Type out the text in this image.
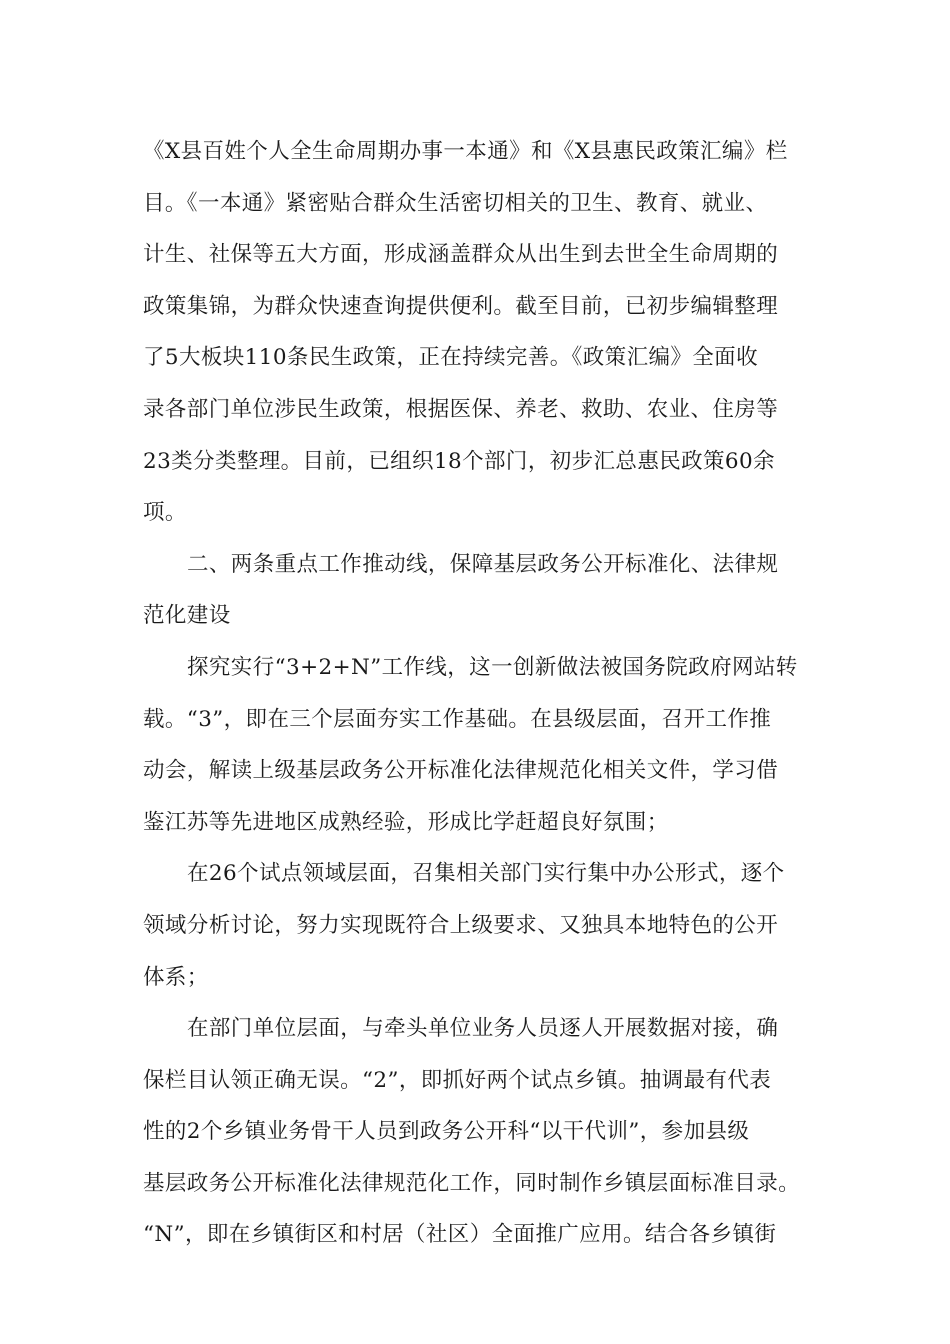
《X县百姓个人全生命周期办事一本通》和《X县惠民政策汇编》栏
目。《一本通》紧密贴合群众生活密切相关的卫生、教育、就业、
计生、社保等五大方面，形成涵盖群众从出生到去世全生命周期的
政策集锦，为群众快速查询提供便利。截至目前，已初步编辑整理
了5大板块110条民生政策，正在持续完善。《政策汇编》全面收
录各部门单位涉民生政策，根据医保、养老、救助、农业、住房等
23类分类整理。目前，已组织18个部门，初步汇总惠民政策60余
项。
二、两条重点工作推动线，保障基层政务公开标准化、法律规
范化建设
探究实行“3+2+N”工作线，这一创新做法被国务院政府网站转
载。“3”，即在三个层面夯实工作基础。在县级层面，召开工作推
动会，解读上级基层政务公开标准化法律规范化相关文件，学习借
鉴江苏等先进地区成熟经验，形成比学赶超良好氛围；
在26个试点领域层面，召集相关部门实行集中办公形式，逐个
领域分析讨论，努力实现既符合上级要求、又独具本地特色的公开
体系；
在部门单位层面，与牵头单位业务人员逐人开展数据对接，确
保栏目认领正确无误。“2”，即抓好两个试点乡镇。抽调最有代表
性的2个乡镇业务骨干人员到政务公开科“以干代训”，参加县级
基层政务公开标准化法律规范化工作，同时制作乡镇层面标准目录。
“N”，即在乡镇街区和村居（社区）全面推广应用。结合各乡镇街
